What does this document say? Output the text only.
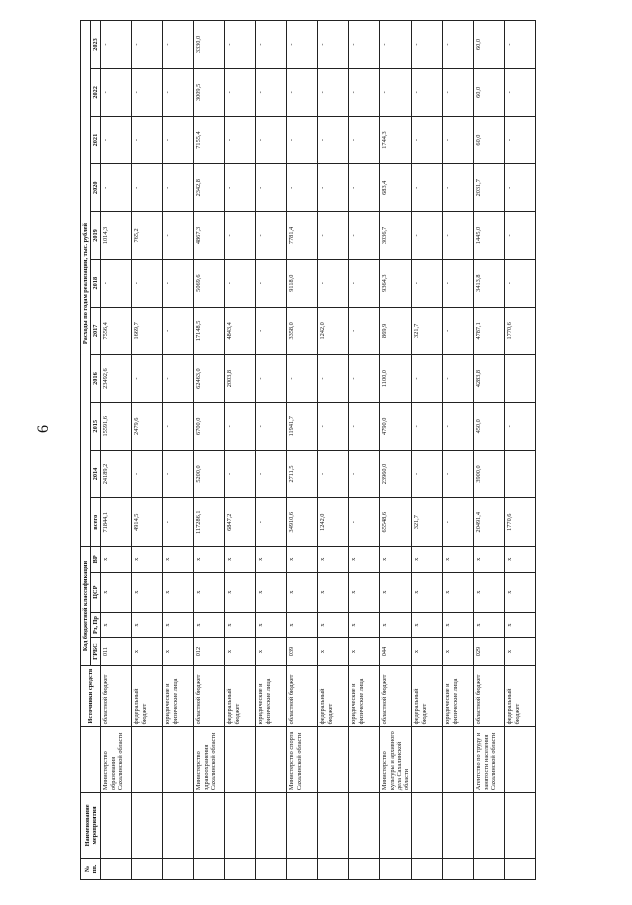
6
№ пп.	Наименование мероприятия		Источники средств	Код бюджетной классификации				Расходы по годам реализации, тыс. рублей										
				ГРБС	Рз, Пр	ЦСР	ВР	всего	2014	2015	2016	2017	2018	2019	2020	2021	2022	2023
		Министерство образования Сахалинской области	областной бюджет	011	х	х	х	71844,1	24189,2	15591,6	23492,6	7556,4	-	1014,3	-	-	-	-
			федеральный бюджет	х	х	х	х	4914,5	-	2479,6	-	1669,7	-	765,2	-	-	-	-
			юридические и физические лица	х	х	х	х	-	-	-	-	-	-	-	-	-	-	-
		Министерство здравоохранения Сахалинской области	областной бюджет	012	х	х	х	117286,1	5200,0	6700,0	62463,0	17148,5	5069,6	4867,3	2342,8	7155,4	3009,5	3330,0
			федеральный бюджет	х	х	х	х	6847,2	-	-	2003,8	4843,4	-	-	-	-	-	-
			юридические и физические лица	х	х	х	х	-	-	-	-	-	-	-	-	-	-	-
		Министерство спорта Сахалинской области	областной бюджет	039	х	х	х	34910,6	2711,5	11941,7	-	3358,0	9118,0	7781,4	-	-	-	-
			федеральный бюджет	х	х	х	х	1242,0	-	-	-	1242,0	-	-	-	-	-	-
			юридические и физические лица	х	х	х	х	-	-	-	-	-	-	-	-	-	-	-
		Министерство культуры и архивного дела Сахалинской области	областной бюджет	044	х	х	х	65548,6	23960,0	4790,0	1100,0	869,9	9364,3	3036,7	683,4	1744,3	-	-
			федеральный бюджет	х	х	х	х	321,7	-	-	-	321,7	-	-	-	-	-	-
			юридические и физические лица	х	х	х	х	-	-	-	-	-	-	-	-	-	-	-
		Агентство по труду и занятости населения Сахалинской области	областной бюджет	029	х	х	х	20491,4	3900,0	450,0	4283,8	4787,1	3413,8	1445,0	2031,7	60,0	60,0	60,0
			федеральный бюджет	х	х	х	х	1770,6		-		1770,6	-	-	-	-	-	-
